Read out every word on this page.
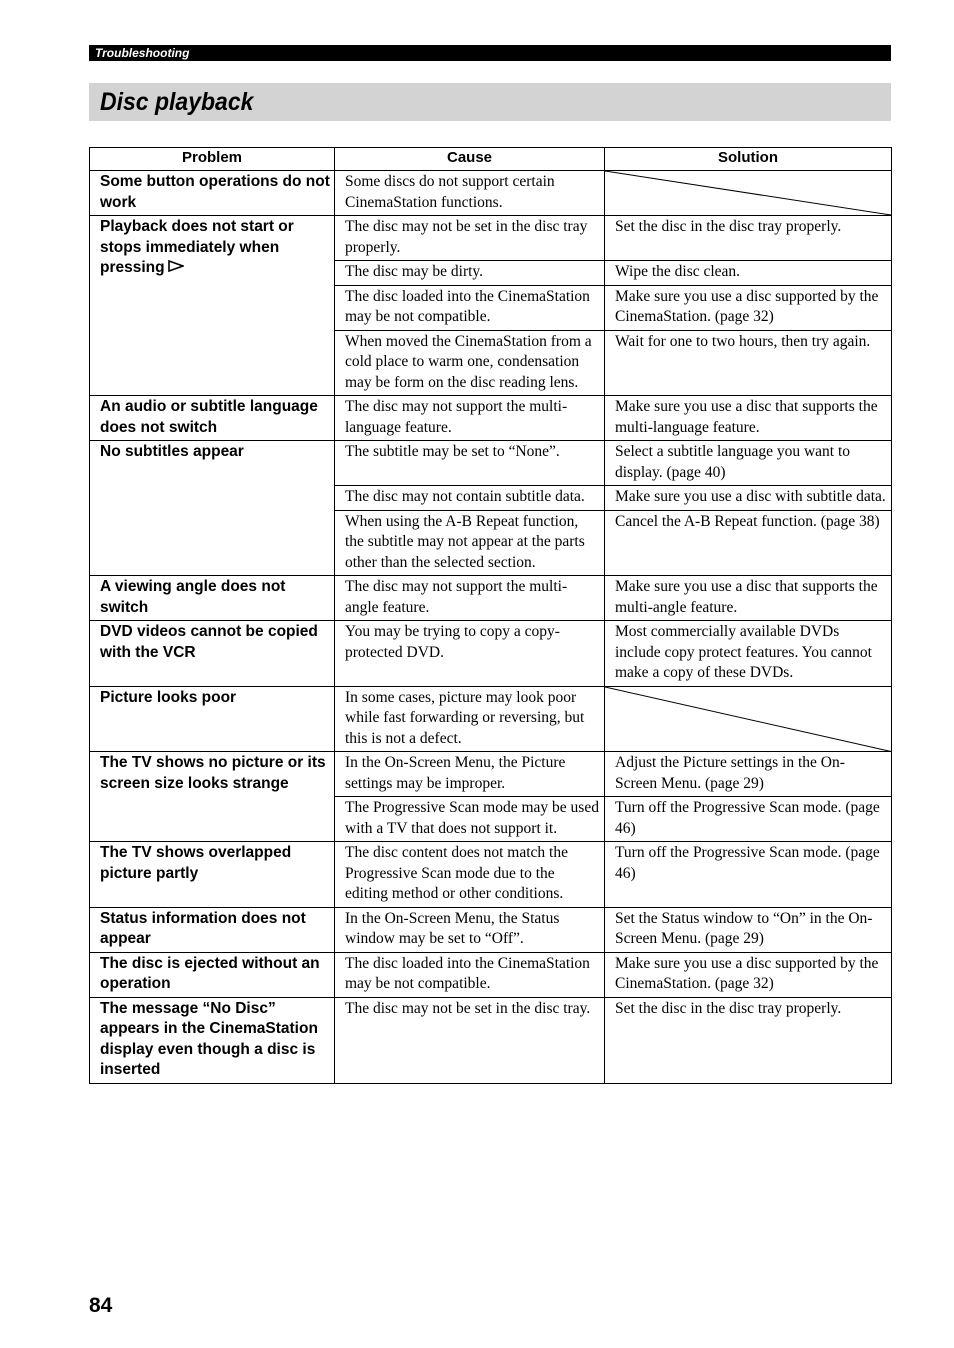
Troubleshooting
Disc playback
Problem	Cause	Solution
Some button operations do not work	Some discs do not support certain CinemaStation functions.	

Playback does not start or stops immediately when pressing	The disc may not be set in the disc tray properly.	Set the disc in the disc tray properly.
	The disc may be dirty.	Wipe the disc clean.
	The disc loaded into the CinemaStation may be not compatible.	Make sure you use a disc supported by the CinemaStation. (page 32)
	When moved the CinemaStation from a cold place to warm one, condensation may be form on the disc reading lens.	Wait for one to two hours, then try again.
An audio or subtitle language does not switch	The disc may not support the multi-language feature.	Make sure you use a disc that supports the multi-language feature.
No subtitles appear	The subtitle may be set to “None”.	Select a subtitle language you want to display. (page 40)
	The disc may not contain subtitle data.	Make sure you use a disc with subtitle data.
	When using the A-B Repeat function, the subtitle may not appear at the parts other than the selected section.	Cancel the A-B Repeat function. (page 38)
A viewing angle does not switch	The disc may not support the multi-angle feature.	Make sure you use a disc that supports the multi-angle feature.
DVD videos cannot be copied with the VCR	You may be trying to copy a copy-protected DVD.	Most commercially available DVDs include copy protect features. You cannot make a copy of these DVDs.
Picture looks poor	In some cases, picture may look poor while fast forwarding or reversing, but this is not a defect.	

The TV shows no picture or its screen size looks strange	In the On-Screen Menu, the Picture settings may be improper.	Adjust the Picture settings in the On-Screen Menu. (page 29)
	The Progressive Scan mode may be used with a TV that does not support it.	Turn off the Progressive Scan mode. (page 46)
The TV shows overlapped picture partly	The disc content does not match the Progressive Scan mode due to the editing method or other conditions.	Turn off the Progressive Scan mode. (page 46)
Status information does not appear	In the On-Screen Menu, the Status window may be set to “Off”.	Set the Status window to “On” in the On-Screen Menu. (page 29)
The disc is ejected without an operation	The disc loaded into the CinemaStation may be not compatible.	Make sure you use a disc supported by the CinemaStation. (page 32)
The message “No Disc” appears in the CinemaStation display even though a disc is inserted	The disc may not be set in the disc tray.	Set the disc in the disc tray properly.
84
